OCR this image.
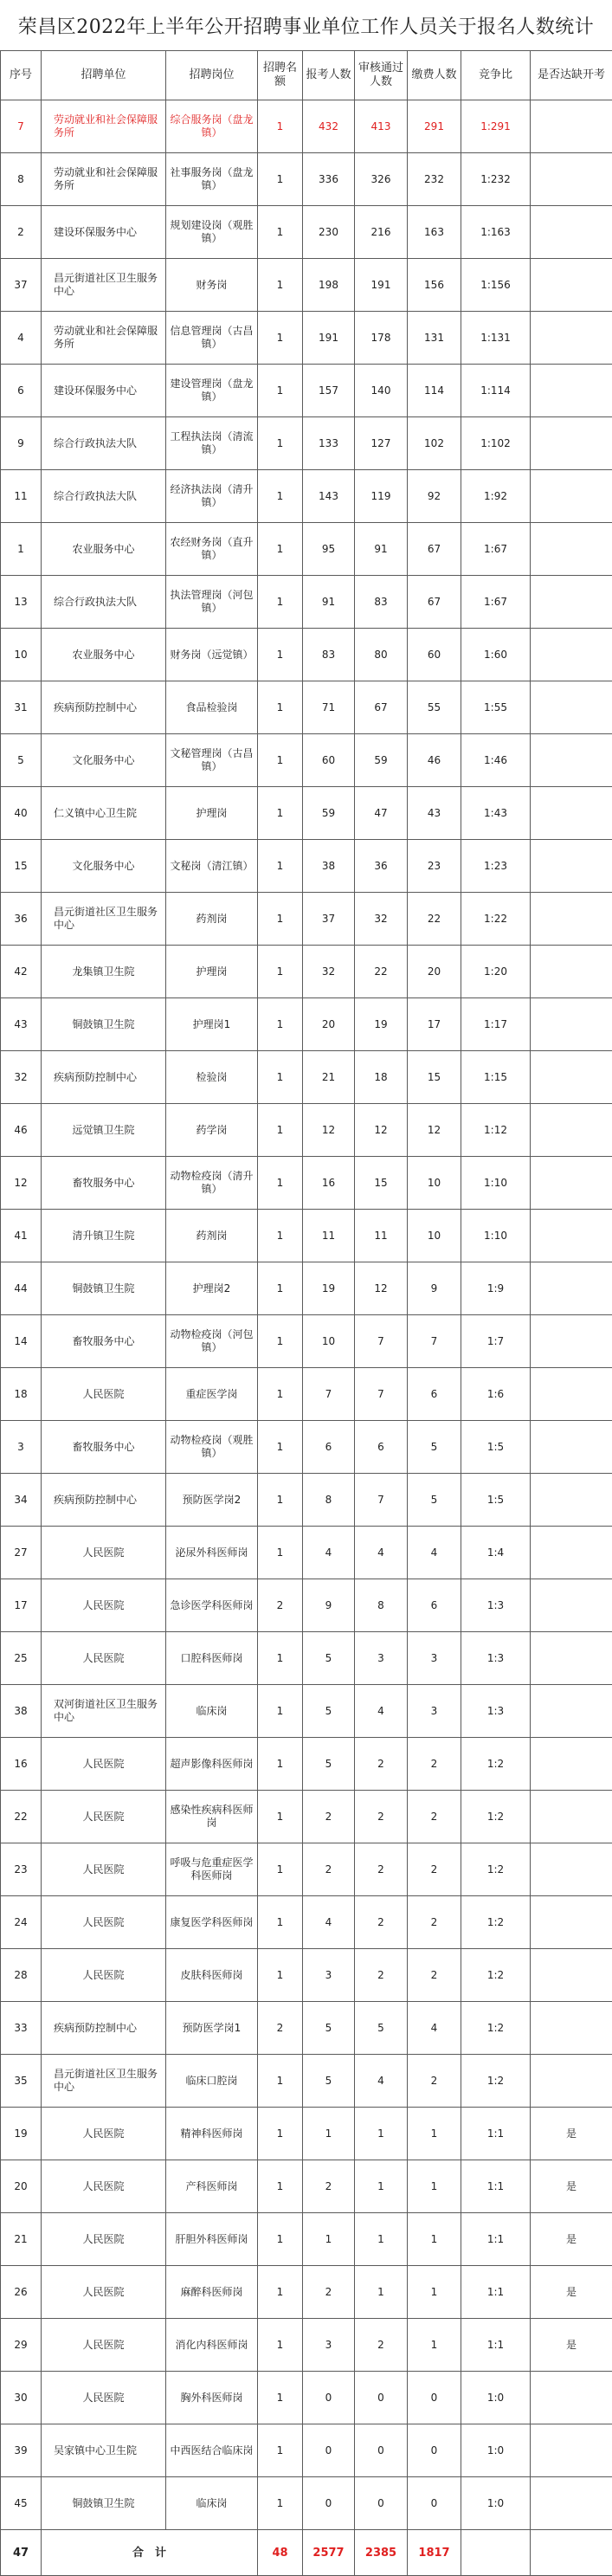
荣昌区2022年上半年公开招聘事业单位工作人员关于报名人数统计
序号	招聘单位	招聘岗位	招聘名额	报考人数	审核通过人数	缴费人数	竞争比	是否达缺开考
7	劳动就业和社会保障服务所	综合服务岗（盘龙镇）	1	432	413	291	1:291	
8	劳动就业和社会保障服务所	社事服务岗（盘龙镇）	1	336	326	232	1:232	
2	建设环保服务中心	规划建设岗（观胜镇）	1	230	216	163	1:163	
37	昌元街道社区卫生服务中心	财务岗	1	198	191	156	1:156	
4	劳动就业和社会保障服务所	信息管理岗（古昌镇）	1	191	178	131	1:131	
6	建设环保服务中心	建设管理岗（盘龙镇）	1	157	140	114	1:114	
9	综合行政执法大队	工程执法岗（清流镇）	1	133	127	102	1:102	
11	综合行政执法大队	经济执法岗（清升镇）	1	143	119	92	1:92	
1	农业服务中心	农经财务岗（直升镇）	1	95	91	67	1:67	
13	综合行政执法大队	执法管理岗（河包镇）	1	91	83	67	1:67	
10	农业服务中心	财务岗（远觉镇）	1	83	80	60	1:60	
31	疾病预防控制中心	食品检验岗	1	71	67	55	1:55	
5	文化服务中心	文秘管理岗（古昌镇）	1	60	59	46	1:46	
40	仁义镇中心卫生院	护理岗	1	59	47	43	1:43	
15	文化服务中心	文秘岗（清江镇）	1	38	36	23	1:23	
36	昌元街道社区卫生服务中心	药剂岗	1	37	32	22	1:22	
42	龙集镇卫生院	护理岗	1	32	22	20	1:20	
43	铜鼓镇卫生院	护理岗1	1	20	19	17	1:17	
32	疾病预防控制中心	检验岗	1	21	18	15	1:15	
46	远觉镇卫生院	药学岗	1	12	12	12	1:12	
12	畜牧服务中心	动物检疫岗（清升镇）	1	16	15	10	1:10	
41	清升镇卫生院	药剂岗	1	11	11	10	1:10	
44	铜鼓镇卫生院	护理岗2	1	19	12	9	1:9	
14	畜牧服务中心	动物检疫岗（河包镇）	1	10	7	7	1:7	
18	人民医院	重症医学岗	1	7	7	6	1:6	
3	畜牧服务中心	动物检疫岗（观胜镇）	1	6	6	5	1:5	
34	疾病预防控制中心	预防医学岗2	1	8	7	5	1:5	
27	人民医院	泌尿外科医师岗	1	4	4	4	1:4	
17	人民医院	急诊医学科医师岗	2	9	8	6	1:3	
25	人民医院	口腔科医师岗	1	5	3	3	1:3	
38	双河街道社区卫生服务中心	临床岗	1	5	4	3	1:3	
16	人民医院	超声影像科医师岗	1	5	2	2	1:2	
22	人民医院	感染性疾病科医师岗	1	2	2	2	1:2	
23	人民医院	呼吸与危重症医学科医师岗	1	2	2	2	1:2	
24	人民医院	康复医学科医师岗	1	4	2	2	1:2	
28	人民医院	皮肤科医师岗	1	3	2	2	1:2	
33	疾病预防控制中心	预防医学岗1	2	5	5	4	1:2	
35	昌元街道社区卫生服务中心	临床口腔岗	1	5	4	2	1:2	
19	人民医院	精神科医师岗	1	1	1	1	1:1	是
20	人民医院	产科医师岗	1	2	1	1	1:1	是
21	人民医院	肝胆外科医师岗	1	1	1	1	1:1	是
26	人民医院	麻醉科医师岗	1	2	1	1	1:1	是
29	人民医院	消化内科医师岗	1	3	2	1	1:1	是
30	人民医院	胸外科医师岗	1	0	0	0	1:0	
39	吴家镇中心卫生院	中西医结合临床岗	1	0	0	0	1:0	
45	铜鼓镇卫生院	临床岗	1	0	0	0	1:0	
47	合　计		48	2577	2385	1817		
